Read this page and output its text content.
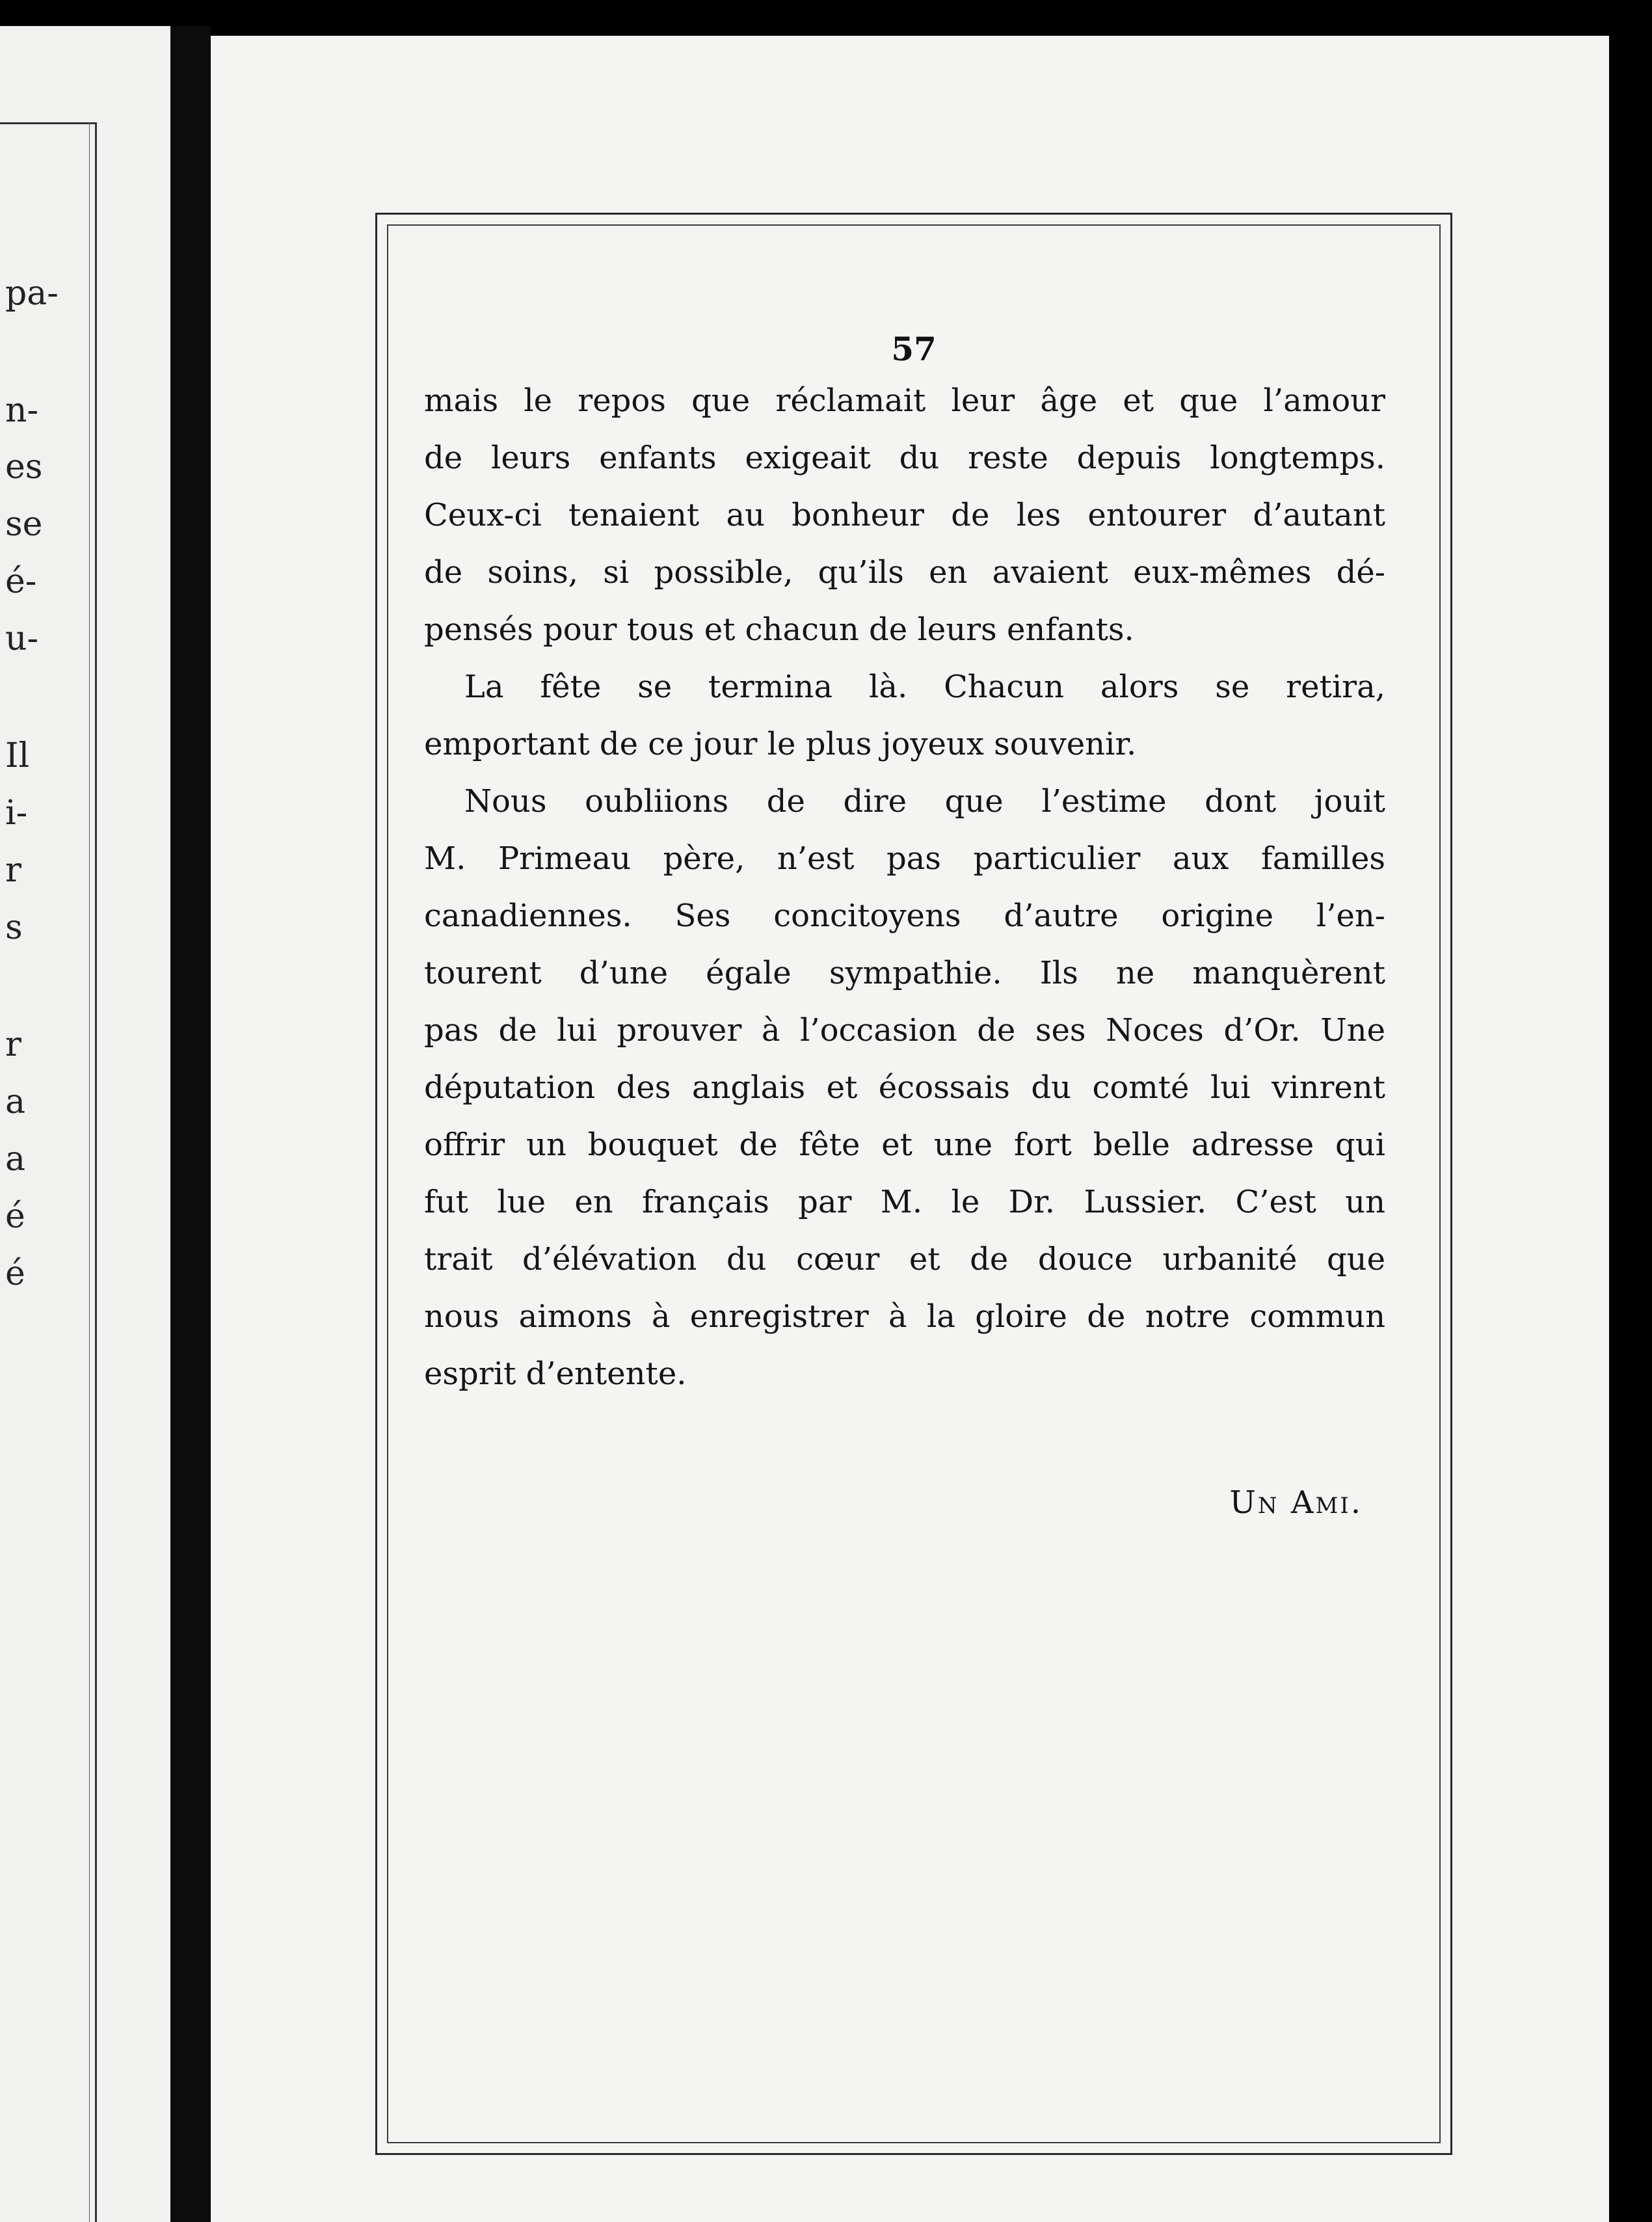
pa-
n-
es
se
é-
u-
Il
i-
r
s
r
a
a
é
é
57
mais le repos que réclamait leur âge et que l’amour
de leurs enfants exigeait du reste depuis longtemps.
Ceux-ci tenaient au bonheur de les entourer d’autant
de soins, si possible, qu’ils en avaient eux-mêmes dé-
pensés pour tous et chacun de leurs enfants.
La fête se termina là. Chacun alors se retira,
emportant de ce jour le plus joyeux souvenir.
Nous oubliions de dire que l’estime dont jouit
M. Primeau père, n’est pas particulier aux familles
canadiennes. Ses concitoyens d’autre origine l’en-
tourent d’une égale sympathie. Ils ne manquèrent
pas de lui prouver à l’occasion de ses Noces d’Or. Une
députation des anglais et écossais du comté lui vinrent
offrir un bouquet de fête et une fort belle adresse qui
fut lue en français par M. le Dr. Lussier. C’est un
trait d’élévation du cœur et de douce urbanité que
nous aimons à enregistrer à la gloire de notre commun
esprit d’entente.
Un Ami.
